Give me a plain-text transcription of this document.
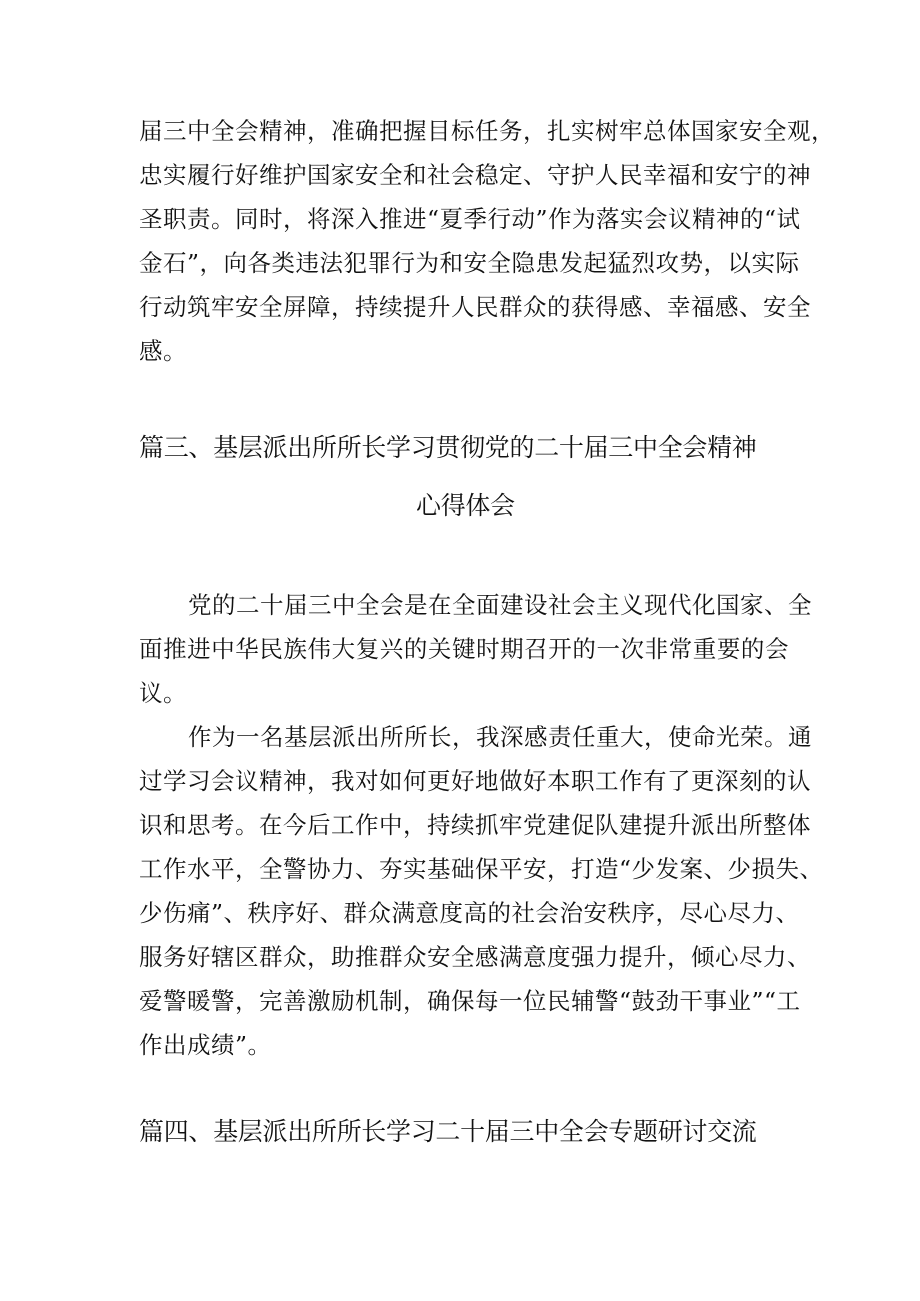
届三中全会精神，准确把握目标任务，扎实树牢总体国家安全观，
忠实履行好维护国家安全和社会稳定、守护人民幸福和安宁的神
圣职责。同时，将深入推进“夏季行动”作为落实会议精神的“试
金石”，向各类违法犯罪行为和安全隐患发起猛烈攻势，以实际
行动筑牢安全屏障，持续提升人民群众的获得感、幸福感、安全
感。
篇三、基层派出所所长学习贯彻党的二十届三中全会精神
心得体会
党的二十届三中全会是在全面建设社会主义现代化国家、全
面推进中华民族伟大复兴的关键时期召开的一次非常重要的会
议。
作为一名基层派出所所长，我深感责任重大，使命光荣。通
过学习会议精神，我对如何更好地做好本职工作有了更深刻的认
识和思考。在今后工作中，持续抓牢党建促队建提升派出所整体
工作水平，全警协力、夯实基础保平安，打造“少发案、少损失、
少伤痛”、秩序好、群众满意度高的社会治安秩序，尽心尽力、
服务好辖区群众，助推群众安全感满意度强力提升，倾心尽力、
爱警暖警，完善激励机制，确保每一位民辅警“鼓劲干事业”“工
作出成绩”。
篇四、基层派出所所长学习二十届三中全会专题研讨交流
